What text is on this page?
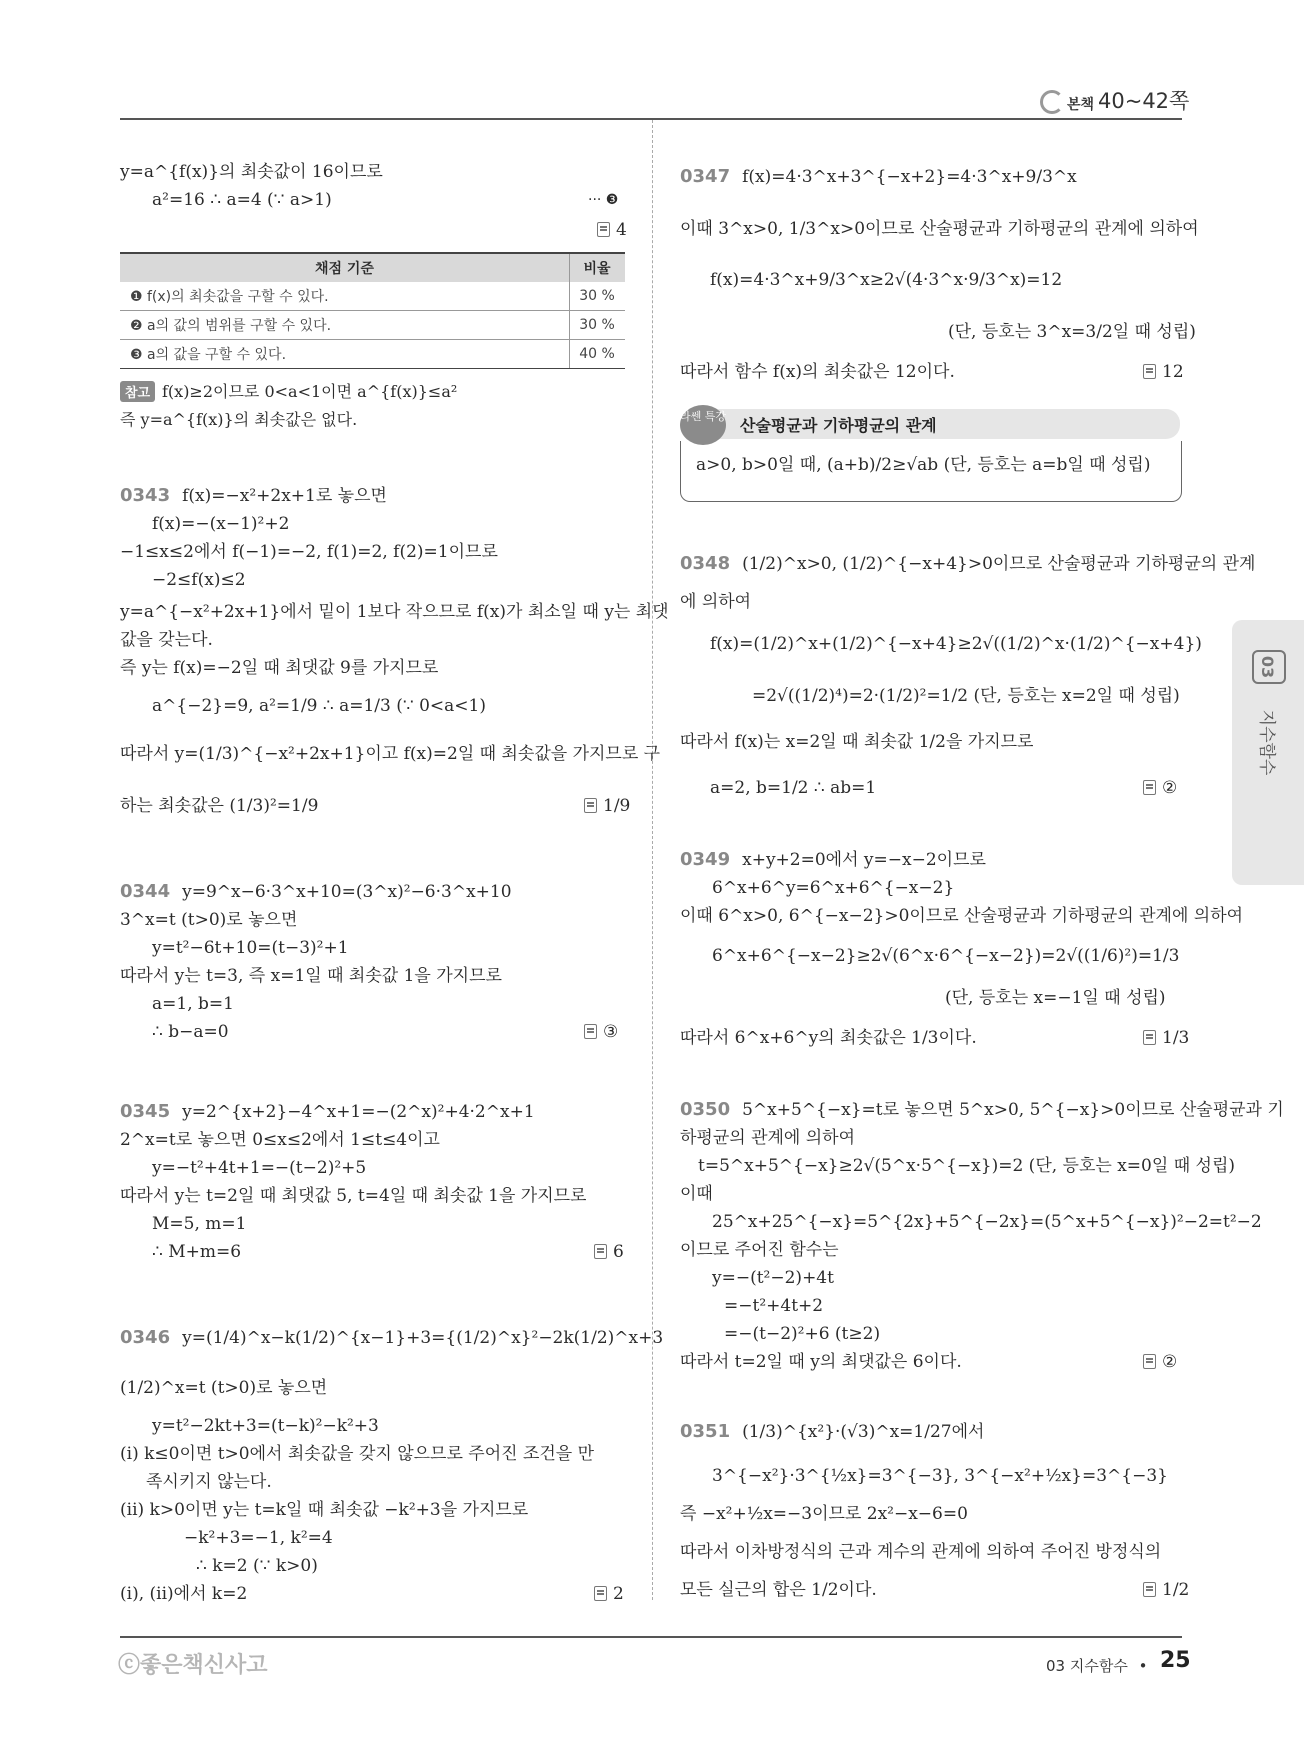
본책 40~42쪽
y=a^{f(x)}의 최솟값이 16이므로
a²=16 ∴ a=4 (∵ a>1)	··· ❸
4
채점 기준	비율
❶ f(x)의 최솟값을 구할 수 있다.	30 %
❷ a의 값의 범위를 구할 수 있다.	30 %
❸ a의 값을 구할 수 있다.	40 %
참고 f(x)≥2이므로 0<a<1이면 a^{f(x)}≤a²
즉 y=a^{f(x)}의 최솟값은 없다.
0343 f(x)=−x²+2x+1로 놓으면
f(x)=−(x−1)²+2
−1≤x≤2에서 f(−1)=−2, f(1)=2, f(2)=1이므로
−2≤f(x)≤2
y=a^{−x²+2x+1}에서 밑이 1보다 작으므로 f(x)가 최소일 때 y는 최댓
값을 갖는다.
즉 y는 f(x)=−2일 때 최댓값 9를 가지므로
a^{−2}=9, a²=1/9 ∴ a=1/3 (∵ 0<a<1)
따라서 y=(1/3)^{−x²+2x+1}이고 f(x)=2일 때 최솟값을 가지므로 구
하는 최솟값은 (1/3)²=1/9	1/9
0344 y=9^x−6·3^x+10=(3^x)²−6·3^x+10
3^x=t (t>0)로 놓으면
y=t²−6t+10=(t−3)²+1
따라서 y는 t=3, 즉 x=1일 때 최솟값 1을 가지므로
a=1, b=1
∴ b−a=0	③
0345 y=2^{x+2}−4^x+1=−(2^x)²+4·2^x+1
2^x=t로 놓으면 0≤x≤2에서 1≤t≤4이고
y=−t²+4t+1=−(t−2)²+5
따라서 y는 t=2일 때 최댓값 5, t=4일 때 최솟값 1을 가지므로
M=5, m=1
∴ M+m=6	6
0346 y=(1/4)^x−k(1/2)^{x−1}+3={(1/2)^x}²−2k(1/2)^x+3
(1/2)^x=t (t>0)로 놓으면
y=t²−2kt+3=(t−k)²−k²+3
(i) k≤0이면 t>0에서 최솟값을 갖지 않으므로 주어진 조건을 만
족시키지 않는다.
(ii) k>0이면 y는 t=k일 때 최솟값 −k²+3을 가지므로
−k²+3=−1, k²=4
∴ k=2 (∵ k>0)
(i), (ii)에서 k=2	2
0347 f(x)=4·3^x+3^{−x+2}=4·3^x+9/3^x
이때 3^x>0, 1/3^x>0이므로 산술평균과 기하평균의 관계에 의하여
f(x)=4·3^x+9/3^x≥2√(4·3^x·9/3^x)=12
(단, 등호는 3^x=3/2일 때 성립)
따라서 함수 f(x)의 최솟값은 12이다.	12
라쎈 특강 산술평균과 기하평균의 관계
a>0, b>0일 때, (a+b)/2≥√ab (단, 등호는 a=b일 때 성립)
0348 (1/2)^x>0, (1/2)^{−x+4}>0이므로 산술평균과 기하평균의 관계
에 의하여
f(x)=(1/2)^x+(1/2)^{−x+4}≥2√((1/2)^x·(1/2)^{−x+4})
=2√((1/2)⁴)=2·(1/2)²=1/2 (단, 등호는 x=2일 때 성립)
따라서 f(x)는 x=2일 때 최솟값 1/2을 가지므로
a=2, b=1/2 ∴ ab=1	②
0349 x+y+2=0에서 y=−x−2이므로
6^x+6^y=6^x+6^{−x−2}
이때 6^x>0, 6^{−x−2}>0이므로 산술평균과 기하평균의 관계에 의하여
6^x+6^{−x−2}≥2√(6^x·6^{−x−2})=2√((1/6)²)=1/3
(단, 등호는 x=−1일 때 성립)
따라서 6^x+6^y의 최솟값은 1/3이다.	1/3
0350 5^x+5^{−x}=t로 놓으면 5^x>0, 5^{−x}>0이므로 산술평균과 기
하평균의 관계에 의하여
t=5^x+5^{−x}≥2√(5^x·5^{−x})=2 (단, 등호는 x=0일 때 성립)
이때
25^x+25^{−x}=5^{2x}+5^{−2x}=(5^x+5^{−x})²−2=t²−2
이므로 주어진 함수는
y=−(t²−2)+4t
=−t²+4t+2
=−(t−2)²+6 (t≥2)
따라서 t=2일 때 y의 최댓값은 6이다.	②
0351 (1/3)^{x²}·(√3)^x=1/27에서
3^{−x²}·3^{½x}=3^{−3}, 3^{−x²+½x}=3^{−3}
즉 −x²+½x=−3이므로 2x²−x−6=0
따라서 이차방정식의 근과 계수의 관계에 의하여 주어진 방정식의
모든 실근의 합은 1/2이다.	1/2
03
지수함수
ⓒ좋은책신사고	03 지수함수 • 25
